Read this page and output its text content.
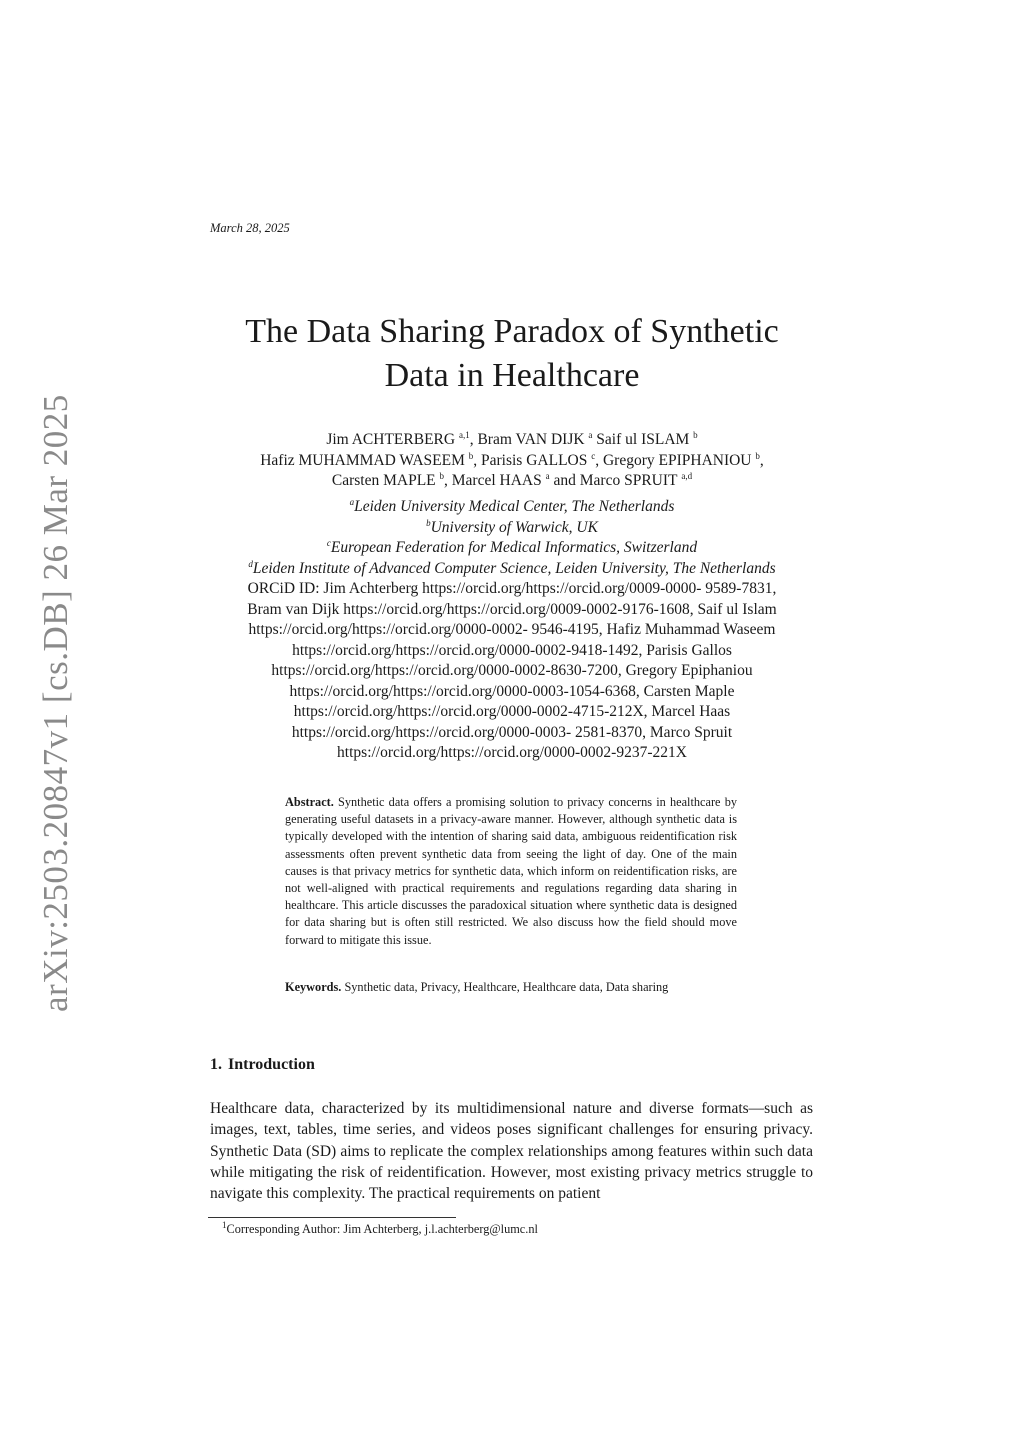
arXiv:2503.20847v1 [cs.DB] 26 Mar 2025
March 28, 2025
The Data Sharing Paradox of Synthetic
Data in Healthcare
Jim ACHTERBERG $^{a,1}$, Bram VAN DIJK $^a$ Saif ul ISLAM $^b$
Hafiz MUHAMMAD WASEEM $^b$, Parisis GALLOS $^c$, Gregory EPIPHANIOU $^b$,
Carsten MAPLE $^b$, Marcel HAAS $^a$ and Marco SPRUIT $^{a,d}$
$^a$Leiden University Medical Center, The Netherlands
$^b$University of Warwick, UK
$^c$European Federation for Medical Informatics, Switzerland
$^d$Leiden Institute of Advanced Computer Science, Leiden University, The Netherlands
ORCiD ID: Jim Achterberg https://orcid.org/https://orcid.org/0009-0000- 9589-7831,
Bram van Dijk https://orcid.org/https://orcid.org/0009-0002-9176-1608, Saif ul Islam
https://orcid.org/https://orcid.org/0000-0002- 9546-4195, Hafiz Muhammad Waseem
https://orcid.org/https://orcid.org/0000-0002-9418-1492, Parisis Gallos
https://orcid.org/https://orcid.org/0000-0002-8630-7200, Gregory Epiphaniou
https://orcid.org/https://orcid.org/0000-0003-1054-6368, Carsten Maple
https://orcid.org/https://orcid.org/0000-0002-4715-212X, Marcel Haas
https://orcid.org/https://orcid.org/0000-0003- 2581-8370, Marco Spruit
https://orcid.org/https://orcid.org/0000-0002-9237-221X
Abstract. Synthetic data offers a promising solution to privacy concerns in healthcare by generating useful datasets in a privacy-aware manner. However, although synthetic data is typically developed with the intention of sharing said data, ambiguous reidentification risk assessments often prevent synthetic data from seeing the light of day. One of the main causes is that privacy metrics for synthetic data, which inform on reidentification risks, are not well-aligned with practical requirements and regulations regarding data sharing in healthcare. This article discusses the paradoxical situation where synthetic data is designed for data sharing but is often still restricted. We also discuss how the field should move forward to mitigate this issue.
Keywords. Synthetic data, Privacy, Healthcare, Healthcare data, Data sharing
1. Introduction
Healthcare data, characterized by its multidimensional nature and diverse formats—such as images, text, tables, time series, and videos poses significant challenges for ensuring privacy. Synthetic Data (SD) aims to replicate the complex relationships among features within such data while mitigating the risk of reidentification. However, most existing privacy metrics struggle to navigate this complexity. The practical requirements on patient
$^1$Corresponding Author: Jim Achterberg, j.l.achterberg@lumc.nl
